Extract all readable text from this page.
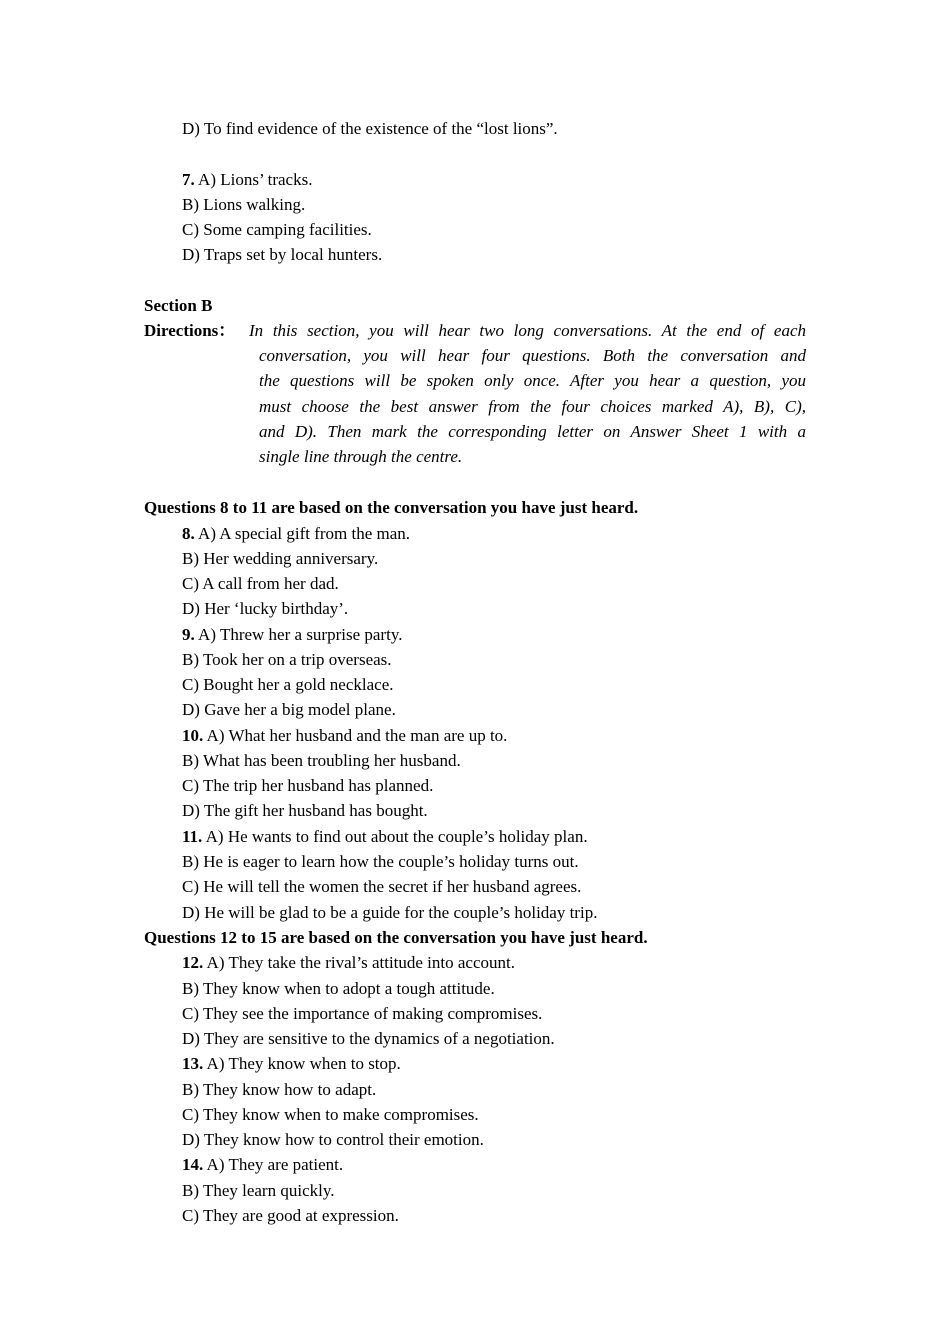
D) To find evidence of the existence of the “lost lions”.
7. A) Lions’ tracks.
B) Lions walking.
C) Some camping facilities.
D) Traps set by local hunters.
Section B
Directions： In this section, you will hear two long conversations. At the end of each
conversation, you will hear four questions. Both the conversation and
the questions will be spoken only once. After you hear a question, you
must choose the best answer from the four choices marked A), B), C),
and D). Then mark the corresponding letter on Answer Sheet 1 with a
single line through the centre.
Questions 8 to 11 are based on the conversation you have just heard.
8. A) A special gift from the man.
B) Her wedding anniversary.
C) A call from her dad.
D) Her ‘lucky birthday’.
9. A) Threw her a surprise party.
B) Took her on a trip overseas.
C) Bought her a gold necklace.
D) Gave her a big model plane.
10. A) What her husband and the man are up to.
B) What has been troubling her husband.
C) The trip her husband has planned.
D) The gift her husband has bought.
11. A) He wants to find out about the couple’s holiday plan.
B) He is eager to learn how the couple’s holiday turns out.
C) He will tell the women the secret if her husband agrees.
D) He will be glad to be a guide for the couple’s holiday trip.
Questions 12 to 15 are based on the conversation you have just heard.
12. A) They take the rival’s attitude into account.
B) They know when to adopt a tough attitude.
C) They see the importance of making compromises.
D) They are sensitive to the dynamics of a negotiation.
13. A) They know when to stop.
B) They know how to adapt.
C) They know when to make compromises.
D) They know how to control their emotion.
14. A) They are patient.
B) They learn quickly.
C) They are good at expression.
